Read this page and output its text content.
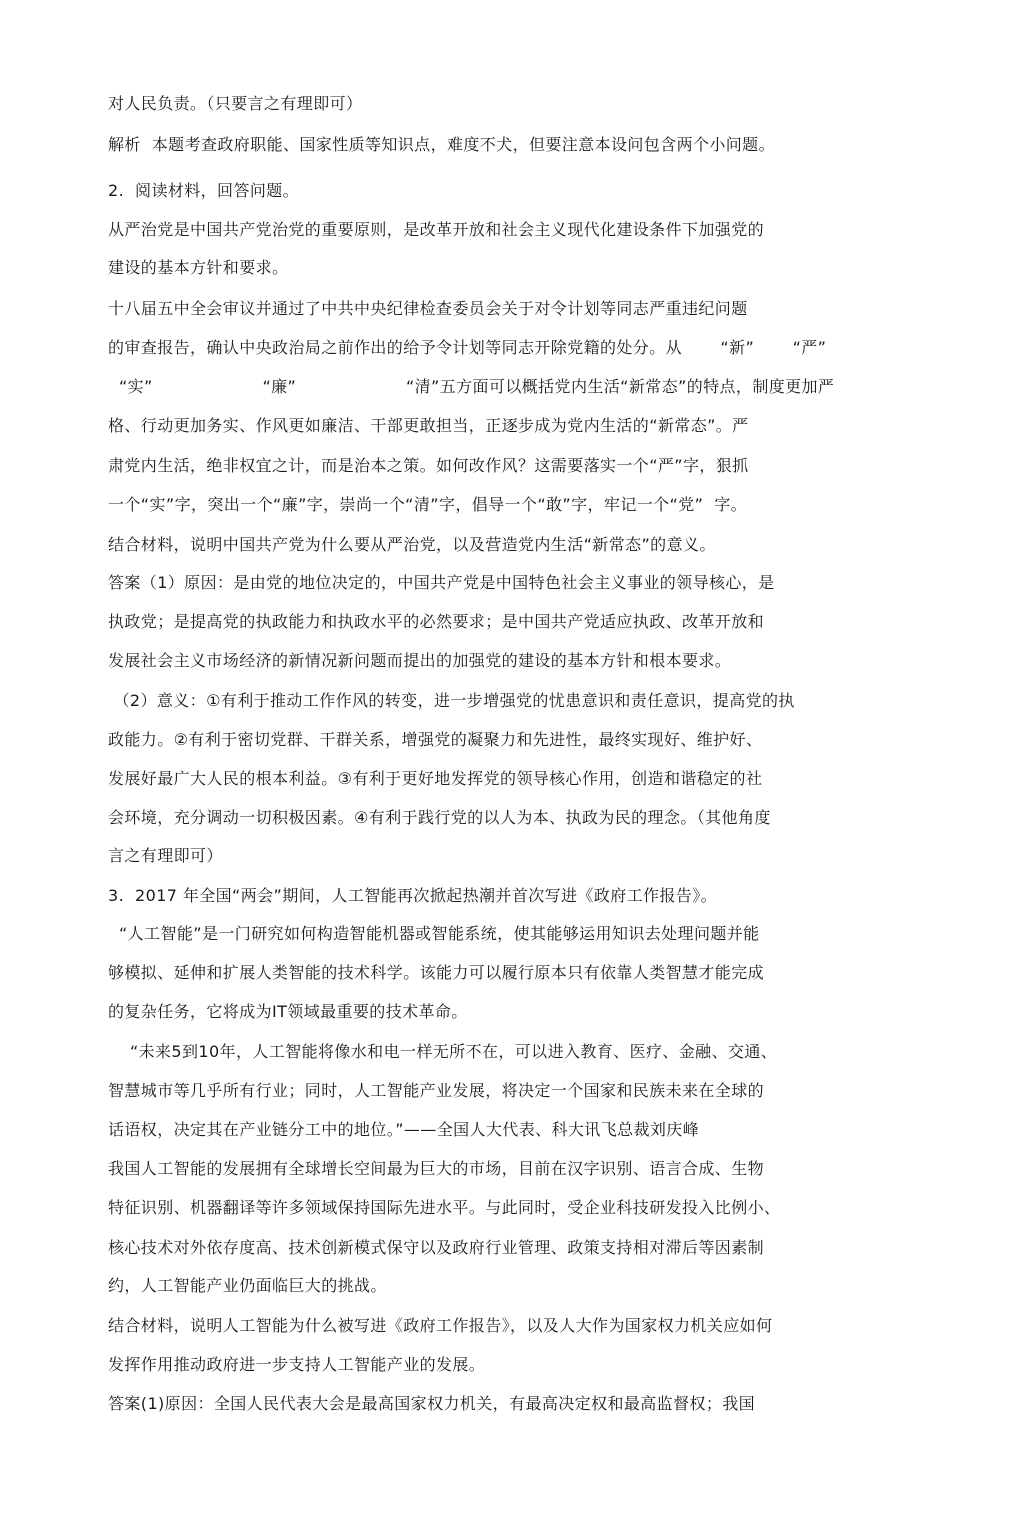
对人民负责。（只要言之有理即可）
解析  本题考查政府职能、国家性质等知识点，难度不犬，但要注意本设问包含两个小问题。
2.  阅读材料，回答问题。
从严治党是中国共产党治党的重要原则，是改革开放和社会主义现代化建设条件下加强党的
建设的基本方针和要求。
十八届五中全会审议并通过了中共中央纪律检查委员会关于对令计划等同志严重违纪问题
的审查报告，确认中央政治局之前作出的给予令计划等同志开除党籍的处分。从       “新”       “严”
“实”                    “廉”                    “清”五方面可以概括党内生活“新常态”的特点，制度更加严
格、行动更加务实、作风更如廉洁、干部更敢担当，正逐步成为党内生活的“新常态”。严
肃党内生活，绝非权宜之计，而是治本之策。如何改作风？这需要落实一个“严”字，狠抓
一个“实”字，突出一个“廉”字，崇尚一个“清”字，倡导一个“敢”字，牢记一个“党”  字。
结合材料，说明中国共产党为什么要从严治党，以及营造党内生活“新常态”的意义。
答案（1）原因：是由党的地位决定的，中国共产党是中国特色社会主义事业的领导核心，是
执政党；是提高党的执政能力和执政水平的必然要求；是中国共产党适应执政、改革开放和
发展社会主义市场经济的新情况新问题而提出的加强党的建设的基本方针和根本要求。
（2）意义：①有利于推动工作作风的转变，进一步增强党的忧患意识和责任意识，提高党的执
政能力。②有利于密切党群、干群关系，增强党的凝聚力和先进性，最终实现好、维护好、
发展好最广大人民的根本利益。③有利于更好地发挥党的领导核心作用，创造和谐稳定的社
会环境，充分调动一切积极因素。④有利于践行党的以人为本、执政为民的理念。（其他角度
言之有理即可）
3.  2017 年全国“两会”期间，人工智能再次掀起热潮并首次写进《政府工作报告》。
“人工智能”是一门研究如何构造智能机器或智能系统，使其能够运用知识去处理问题并能
够模拟、延伸和扩展人类智能的技术科学。该能力可以履行原本只有依靠人类智慧才能完成
的复杂任务，它将成为IT领域最重要的技术革命。
“未来5到10年，人工智能将像水和电一样无所不在，可以进入教育、医疗、金融、交通、
智慧城市等几乎所有行业；同时，人工智能产业发展，将决定一个国家和民族未来在全球的
话语权，决定其在产业链分工中的地位。”——全国人大代表、科大讯飞总裁刘庆峰
我国人工智能的发展拥有全球增长空间最为巨大的市场，目前在汉字识别、语言合成、生物
特征识别、机器翻译等许多领域保持国际先进水平。与此同时，受企业科技研发投入比例小、
核心技术对外依存度高、技术创新模式保守以及政府行业管理、政策支持相对滞后等因素制
约，人工智能产业仍面临巨大的挑战。
结合材料，说明人工智能为什么被写进《政府工作报告》，以及人大作为国家权力机关应如何
发挥作用推动政府进一步支持人工智能产业的发展。
答案(1)原因：全国人民代表大会是最高国家权力机关，有最高决定权和最高监督权；我国
